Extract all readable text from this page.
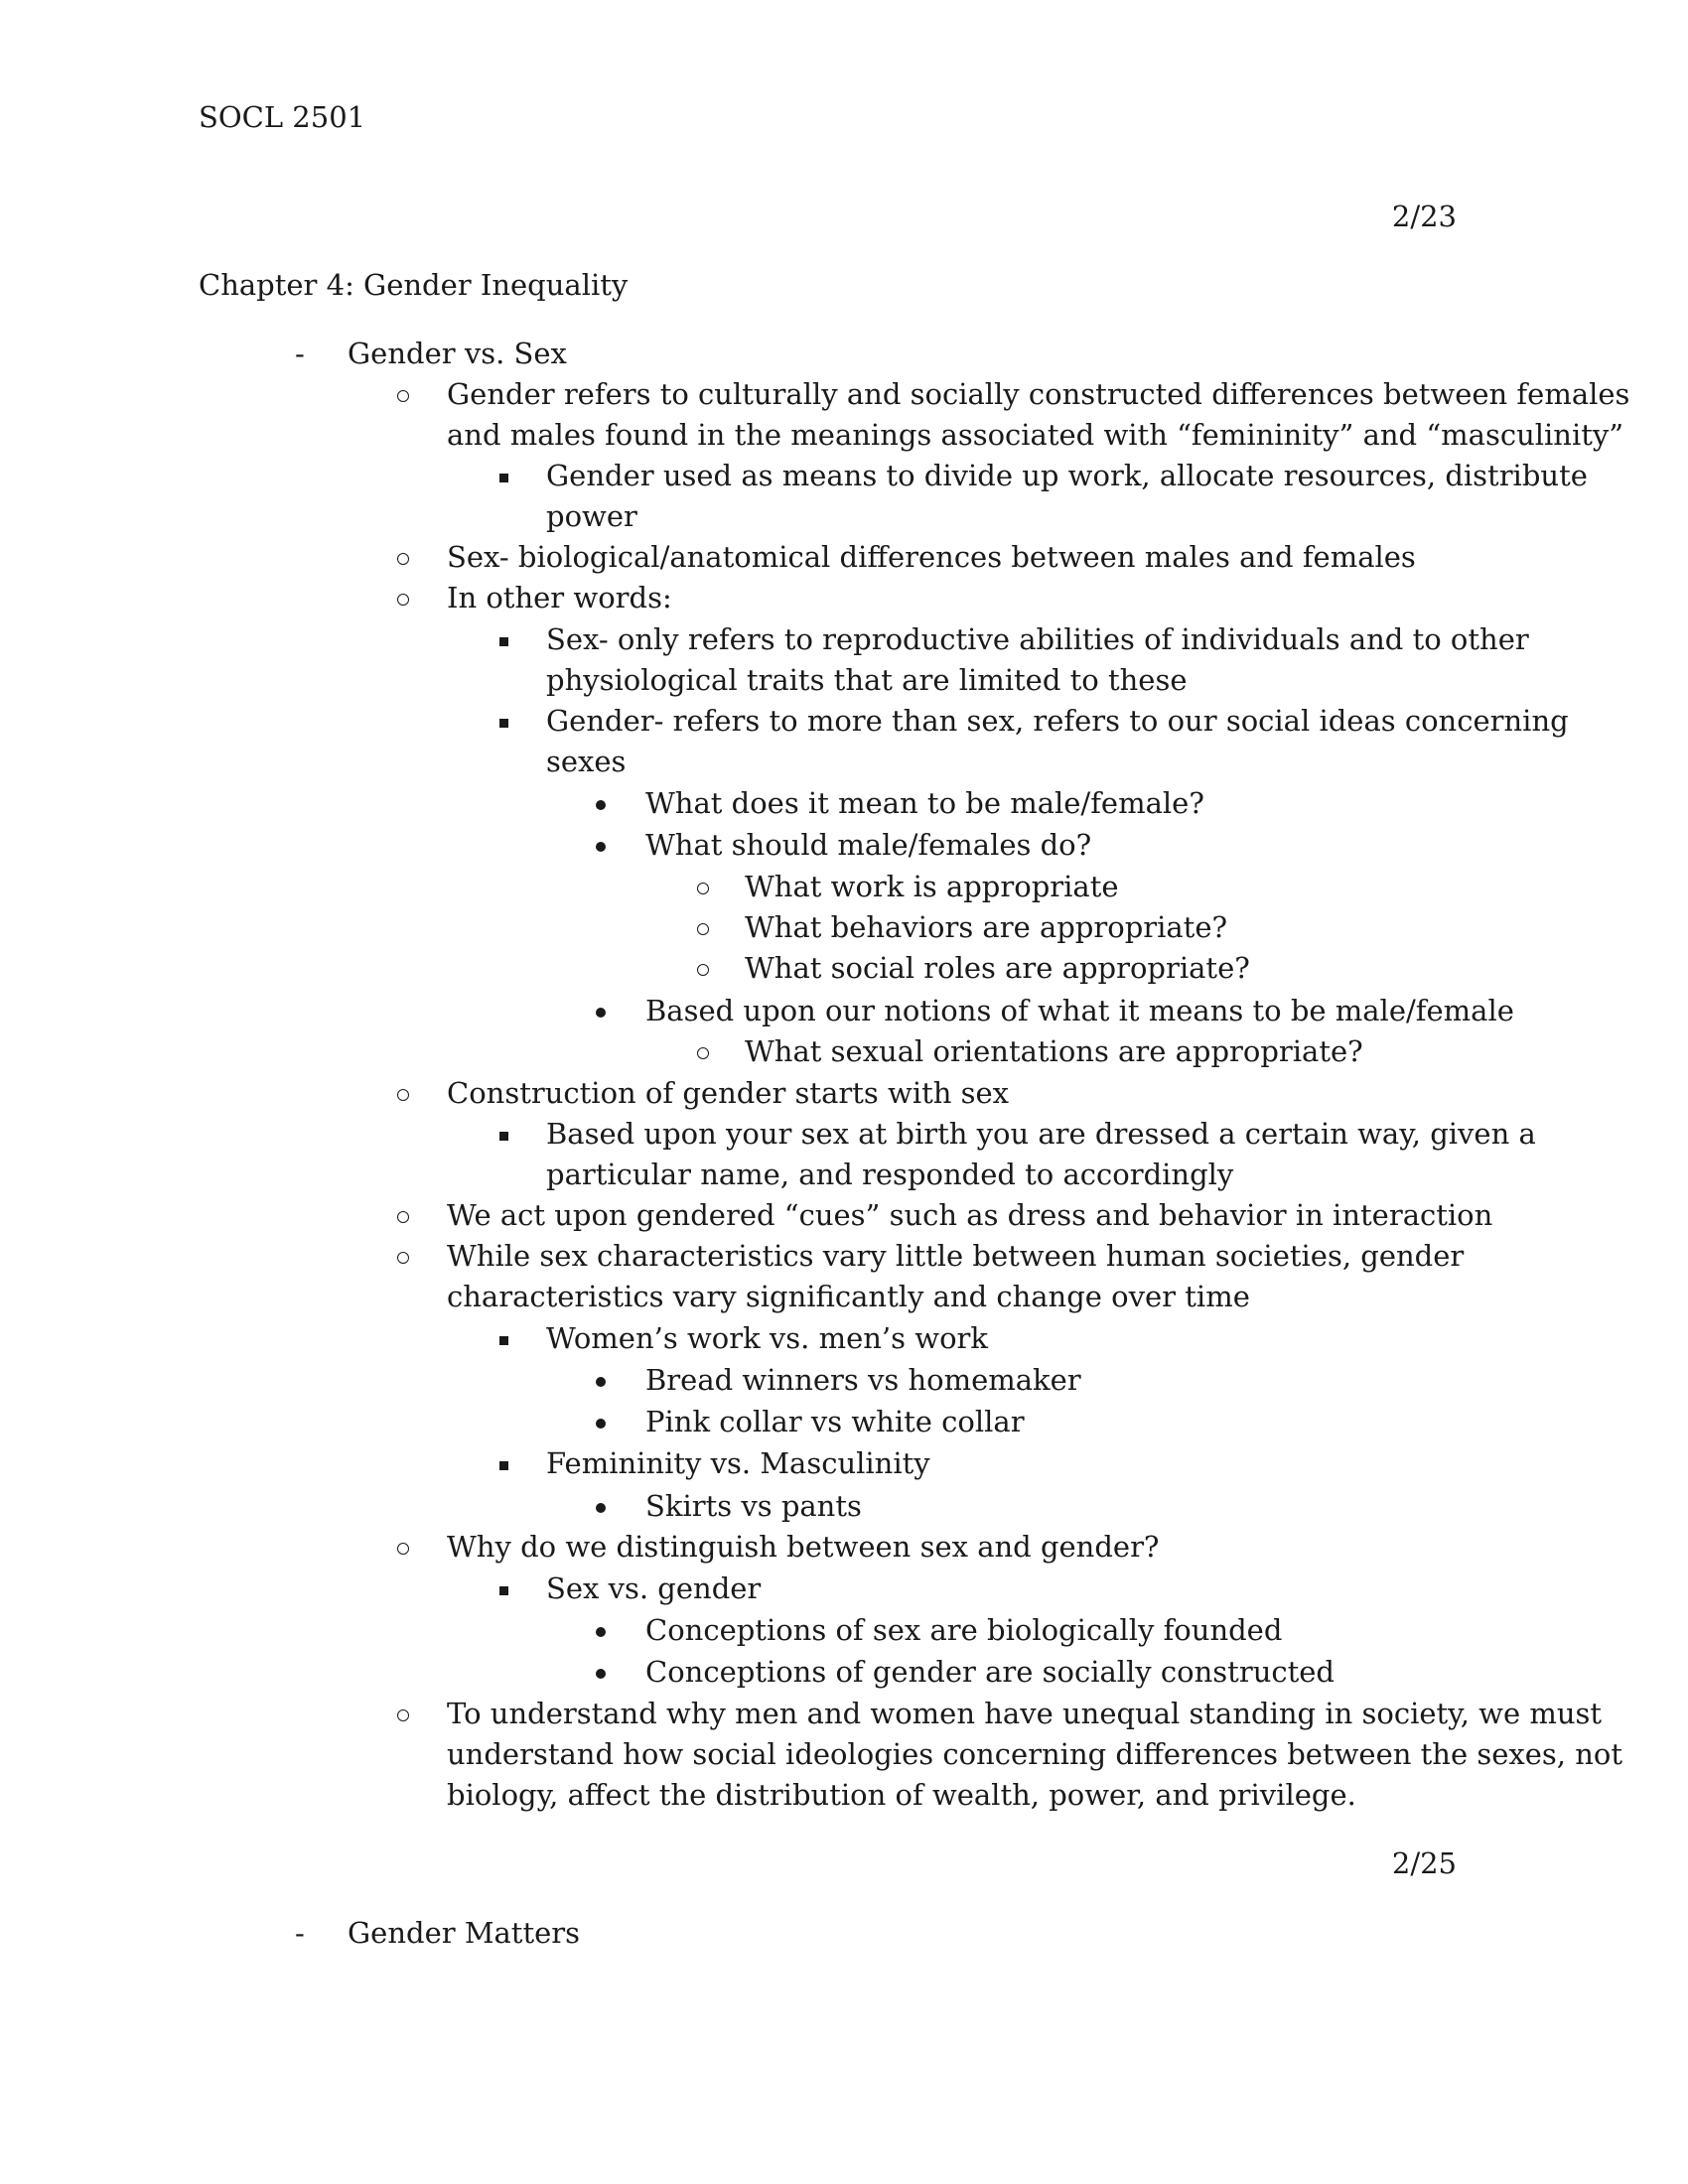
SOCL 2501
2/23
Chapter 4: Gender Inequality
- Gender vs. Sex
Gender refers to culturally and socially constructed differences between females
and males found in the meanings associated with “femininity” and “masculinity”
Gender used as means to divide up work, allocate resources, distribute
power
Sex- biological/anatomical differences between males and females
In other words:
Sex- only refers to reproductive abilities of individuals and to other
physiological traits that are limited to these
Gender- refers to more than sex, refers to our social ideas concerning
sexes
What does it mean to be male/female?
What should male/females do?
What work is appropriate
What behaviors are appropriate?
What social roles are appropriate?
Based upon our notions of what it means to be male/female
What sexual orientations are appropriate?
Construction of gender starts with sex
Based upon your sex at birth you are dressed a certain way, given a
particular name, and responded to accordingly
We act upon gendered “cues” such as dress and behavior in interaction
While sex characteristics vary little between human societies, gender
characteristics vary significantly and change over time
Women’s work vs. men’s work
Bread winners vs homemaker
Pink collar vs white collar
Femininity vs. Masculinity
Skirts vs pants
Why do we distinguish between sex and gender?
Sex vs. gender
Conceptions of sex are biologically founded
Conceptions of gender are socially constructed
To understand why men and women have unequal standing in society, we must
understand how social ideologies concerning differences between the sexes, not
biology, affect the distribution of wealth, power, and privilege.
2/25
- Gender Matters
